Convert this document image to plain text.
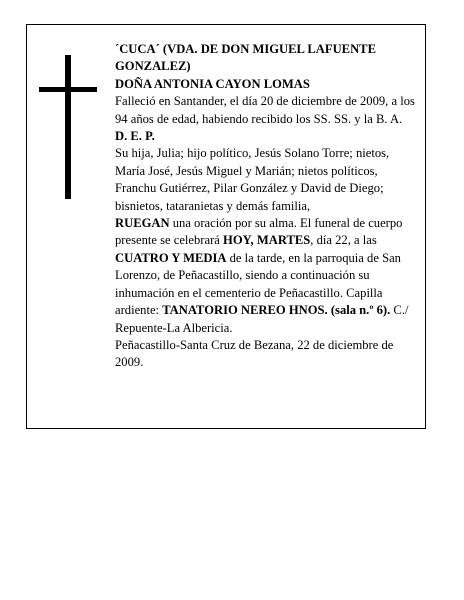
´CUCA´ (VDA. DE DON MIGUEL LAFUENTE GONZALEZ)

DOÑA ANTONIA CAYON LOMAS

Falleció en Santander, el día 20 de diciembre de 2009, a los 94 años de edad, habiendo recibido los SS. SS. y la B. A.

D. E. P.

Su hija, Julia; hijo político, Jesús Solano Torre; nietos, María José, Jesús Miguel y Marián; nietos políticos, Franchu Gutiérrez, Pilar González y David de Diego; bisnietos, tataranietas y demás familia,

RUEGAN una oración por su alma. El funeral de cuerpo presente se celebrará HOY, MARTES, día 22, a las CUATRO Y MEDIA de la tarde, en la parroquia de San Lorenzo, de Peñacastillo, siendo a continuación su inhumación en el cementerio de Peñacastillo. Capilla ardiente: TANATORIO NEREO HNOS. (sala n.º 6). C./ Repuente-La Albericia.

Peñacastillo-Santa Cruz de Bezana, 22 de diciembre de 2009.
